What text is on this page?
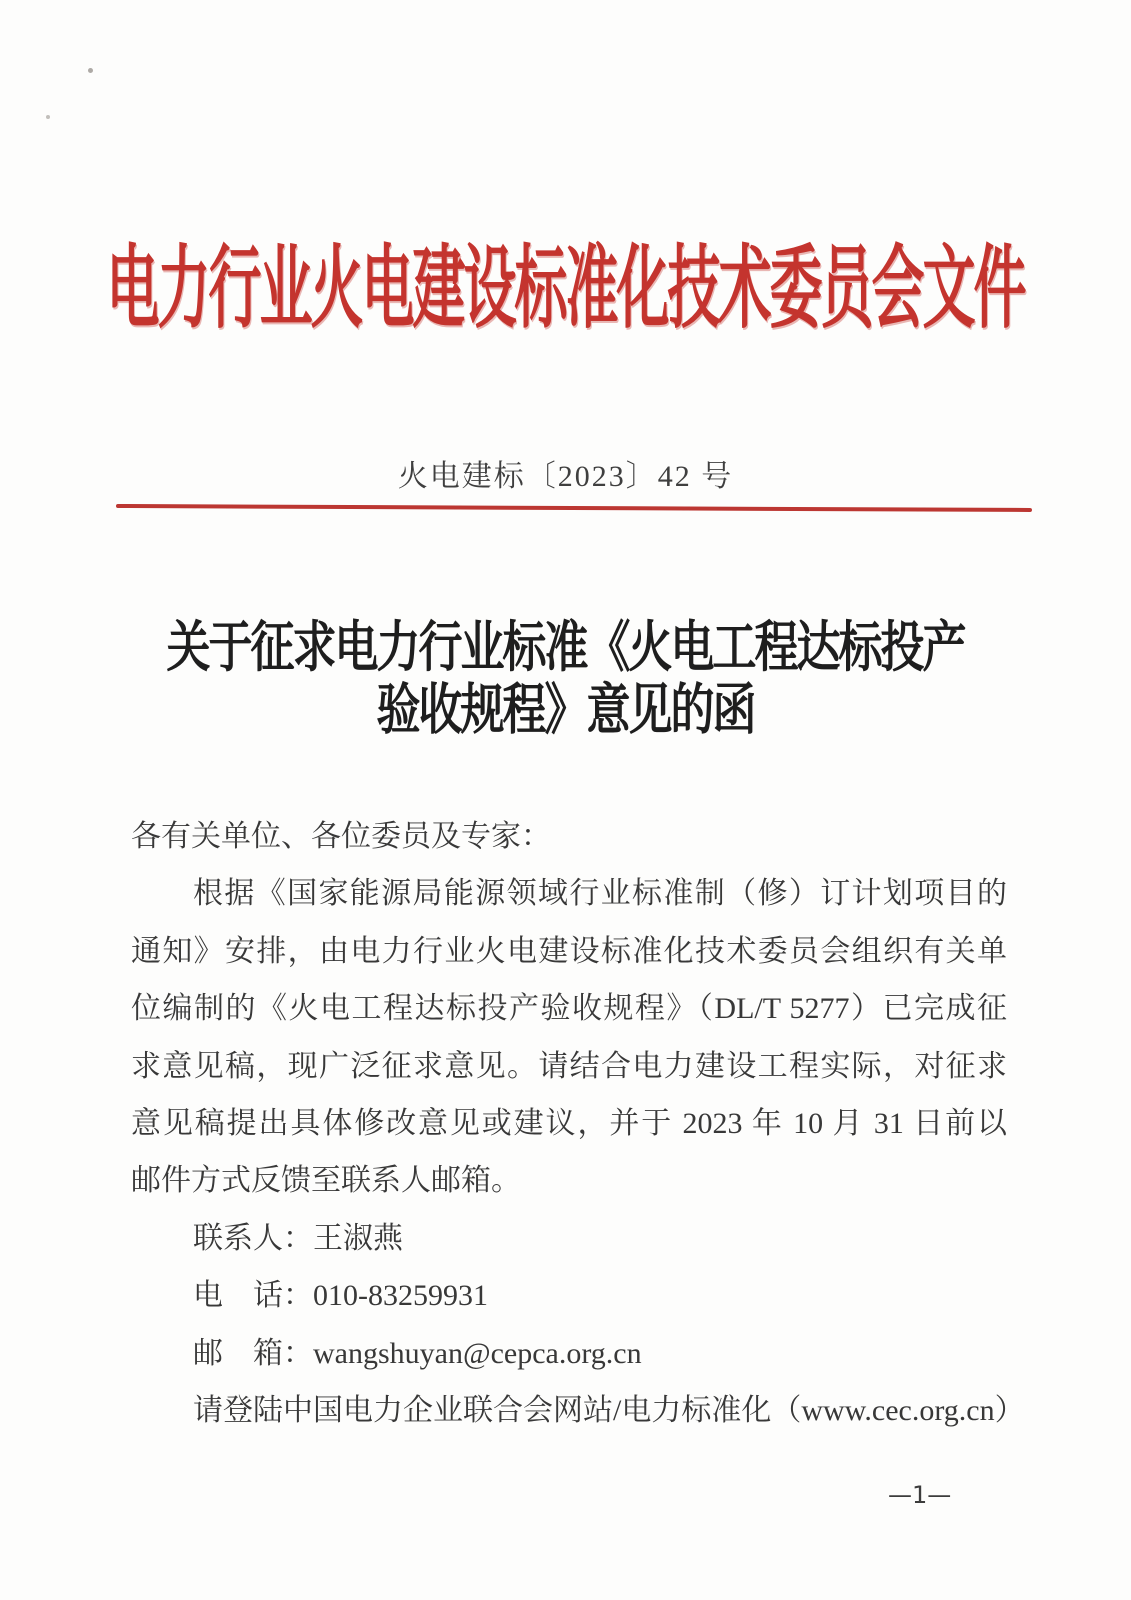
电力行业火电建设标准化技术委员会文件
火电建标〔2023〕42 号
关于征求电力行业标准《火电工程达标投产
验收规程》意见的函
各有关单位、各位委员及专家：
根据《国家能源局能源领域行业标准制（修）订计划项目的
通知》安排，由电力行业火电建设标准化技术委员会组织有关单
位编制的《火电工程达标投产验收规程》（DL/T 5277）已完成征
求意见稿，现广泛征求意见。请结合电力建设工程实际，对征求
意见稿提出具体修改意见或建议，并于 2023 年 10 月 31 日前以
邮件方式反馈至联系人邮箱。
联系人：王淑燕
电　话：010-83259931
邮　箱：wangshuyan@cepca.org.cn
请登陆中国电力企业联合会网站/电力标准化（www.cec.org.cn）
—1—
